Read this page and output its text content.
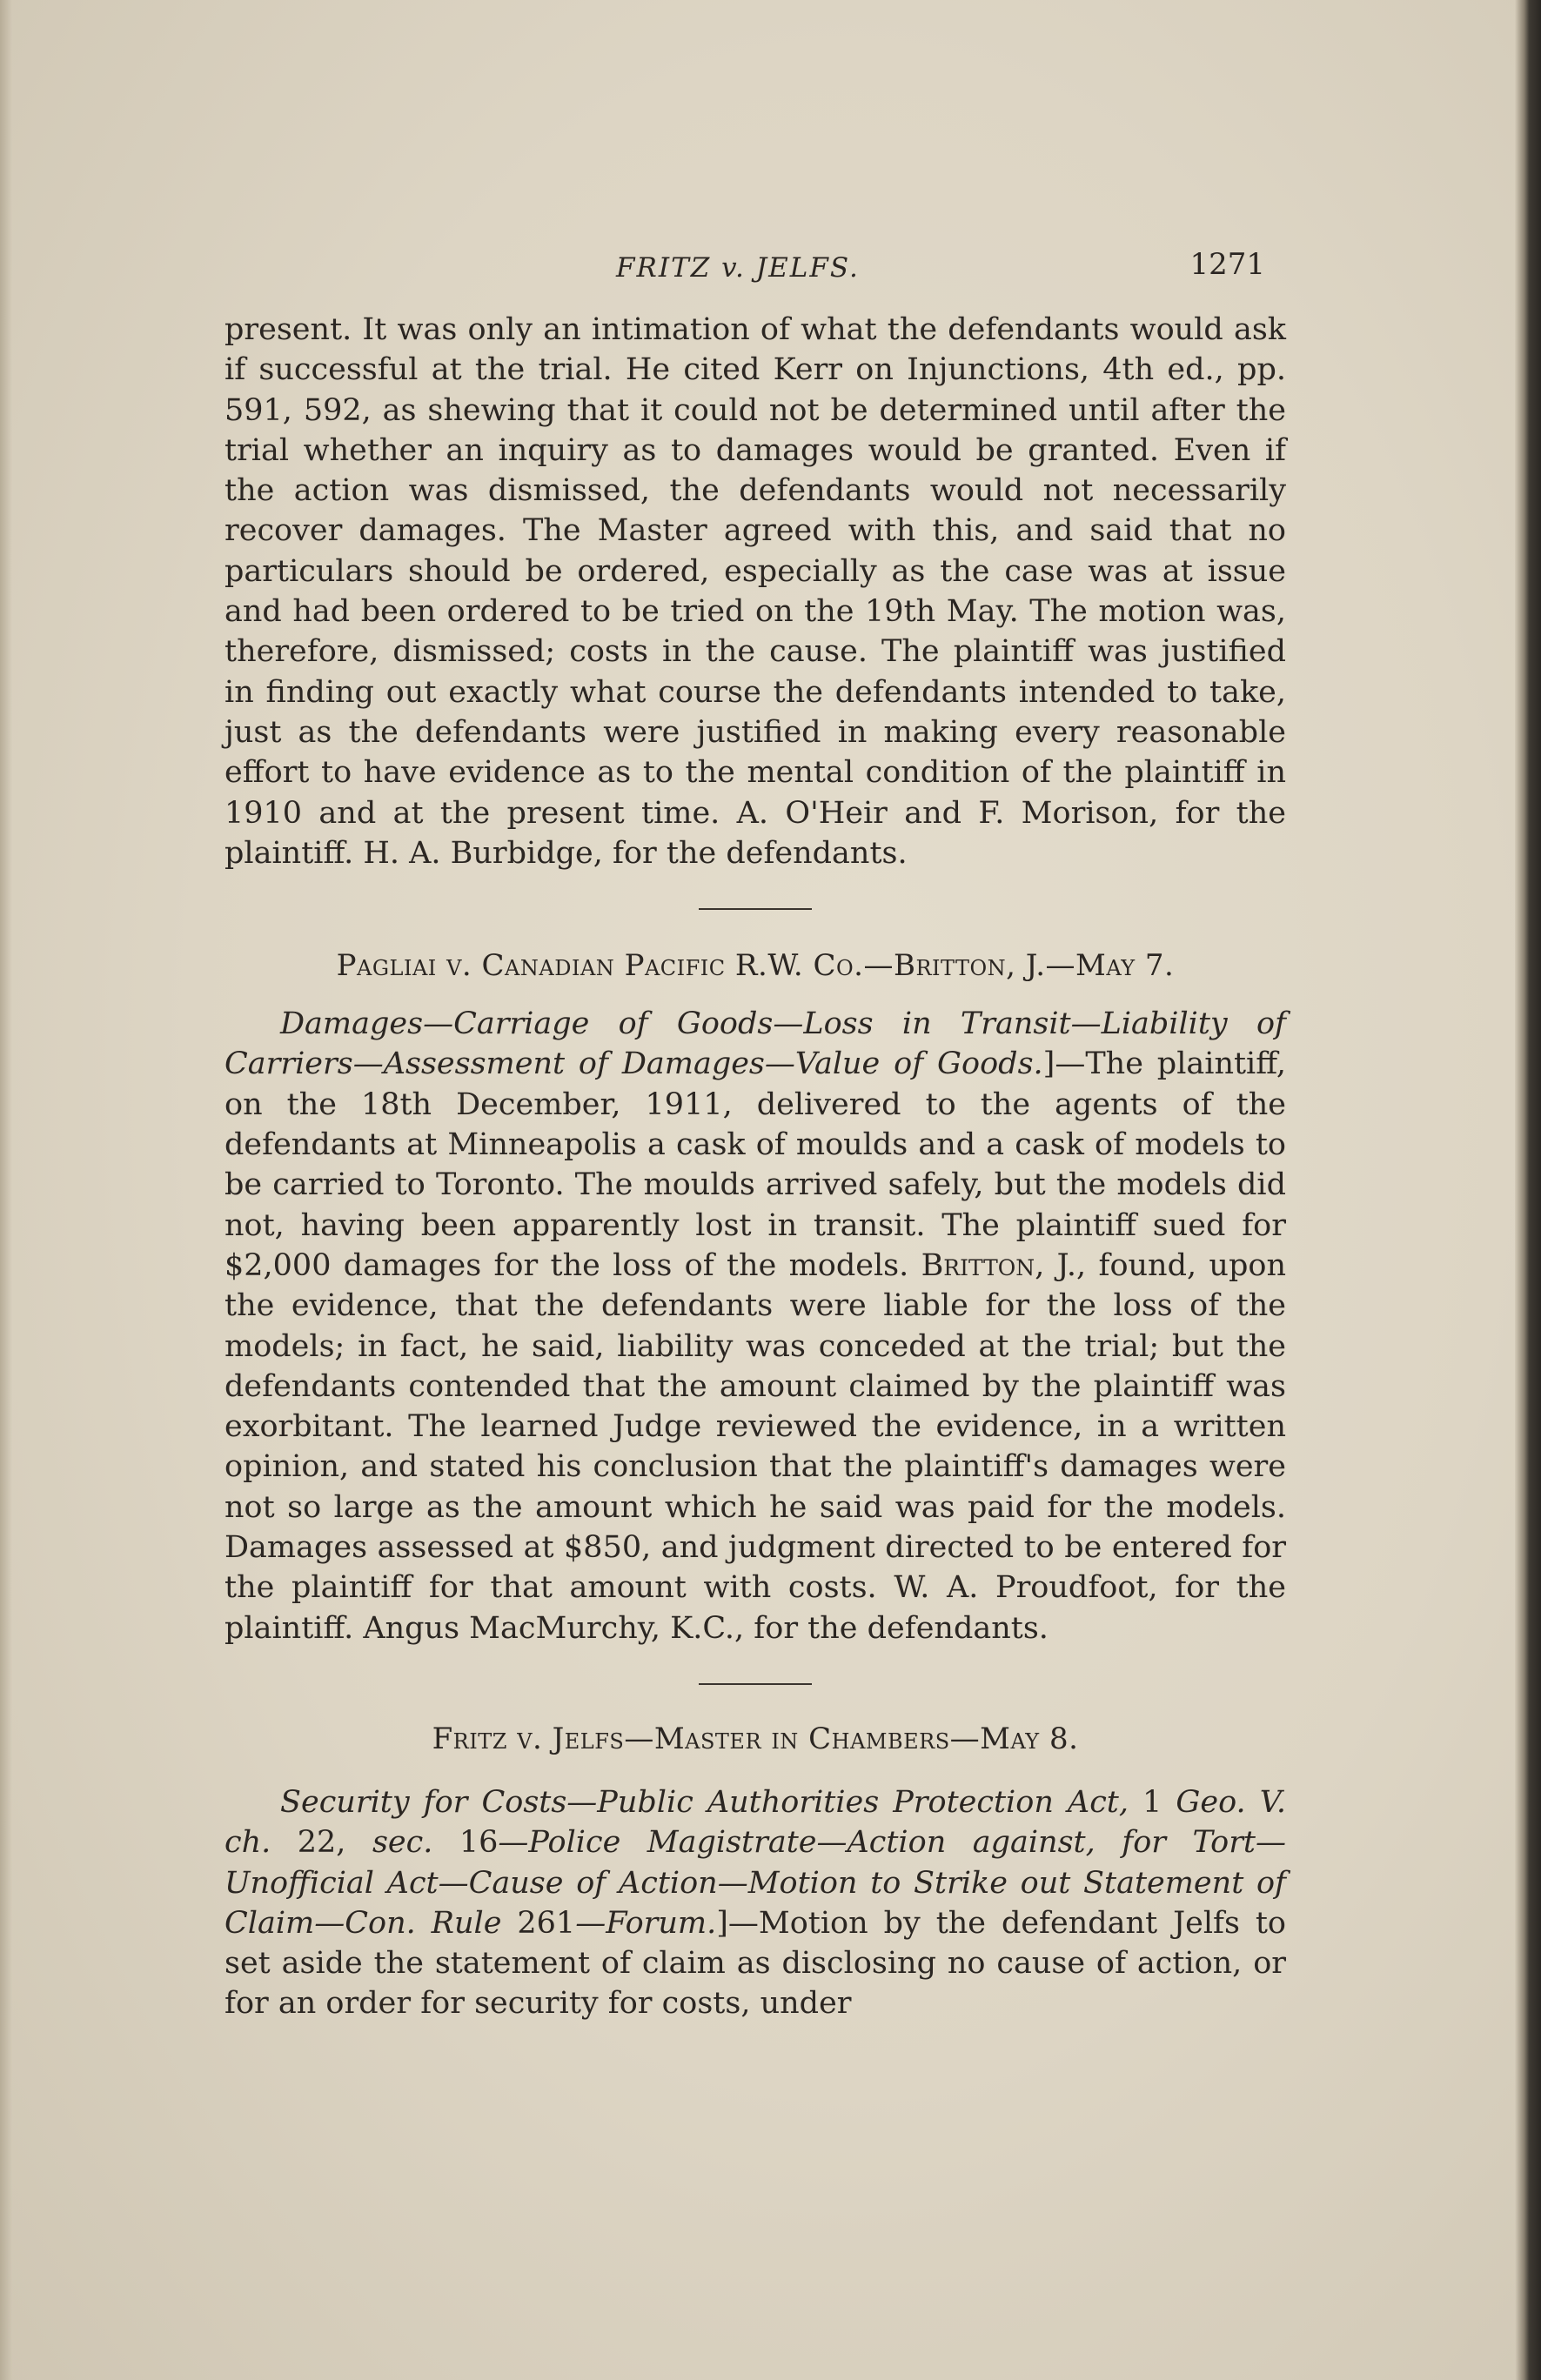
FRITZ v. JELFS.	1271

present. It was only an intimation of what the defendants would ask if successful at the trial. He cited Kerr on Injunctions, 4th ed., pp. 591, 592, as shewing that it could not be determined until after the trial whether an inquiry as to damages would be granted. Even if the action was dismissed, the defendants would not necessarily recover damages. The Master agreed with this, and said that no particulars should be ordered, especially as the case was at issue and had been ordered to be tried on the 19th May. The motion was, therefore, dismissed; costs in the cause. The plaintiff was justified in finding out exactly what course the defendants intended to take, just as the defendants were justified in making every reasonable effort to have evidence as to the mental condition of the plaintiff in 1910 and at the present time. A. O'Heir and F. Morison, for the plaintiff. H. A. Burbidge, for the defendants.

Pagliai v. Canadian Pacific R.W. Co.—Britton, J.—May 7.

Damages—Carriage of Goods—Loss in Transit—Liability of Carriers—Assessment of Damages—Value of Goods.]—The plaintiff, on the 18th December, 1911, delivered to the agents of the defendants at Minneapolis a cask of moulds and a cask of models to be carried to Toronto. The moulds arrived safely, but the models did not, having been apparently lost in transit. The plaintiff sued for $2,000 damages for the loss of the models. Britton, J., found, upon the evidence, that the defendants were liable for the loss of the models; in fact, he said, liability was conceded at the trial; but the defendants contended that the amount claimed by the plaintiff was exorbitant. The learned Judge reviewed the evidence, in a written opinion, and stated his conclusion that the plaintiff's damages were not so large as the amount which he said was paid for the models. Damages assessed at $850, and judgment directed to be entered for the plaintiff for that amount with costs. W. A. Proudfoot, for the plaintiff. Angus MacMurchy, K.C., for the defendants.

Fritz v. Jelfs—Master in Chambers—May 8.

Security for Costs—Public Authorities Protection Act, 1 Geo. V. ch. 22, sec. 16—Police Magistrate—Action against, for Tort—Unofficial Act—Cause of Action—Motion to Strike out Statement of Claim—Con. Rule 261—Forum.]—Motion by the defendant Jelfs to set aside the statement of claim as disclosing no cause of action, or for an order for security for costs, under
